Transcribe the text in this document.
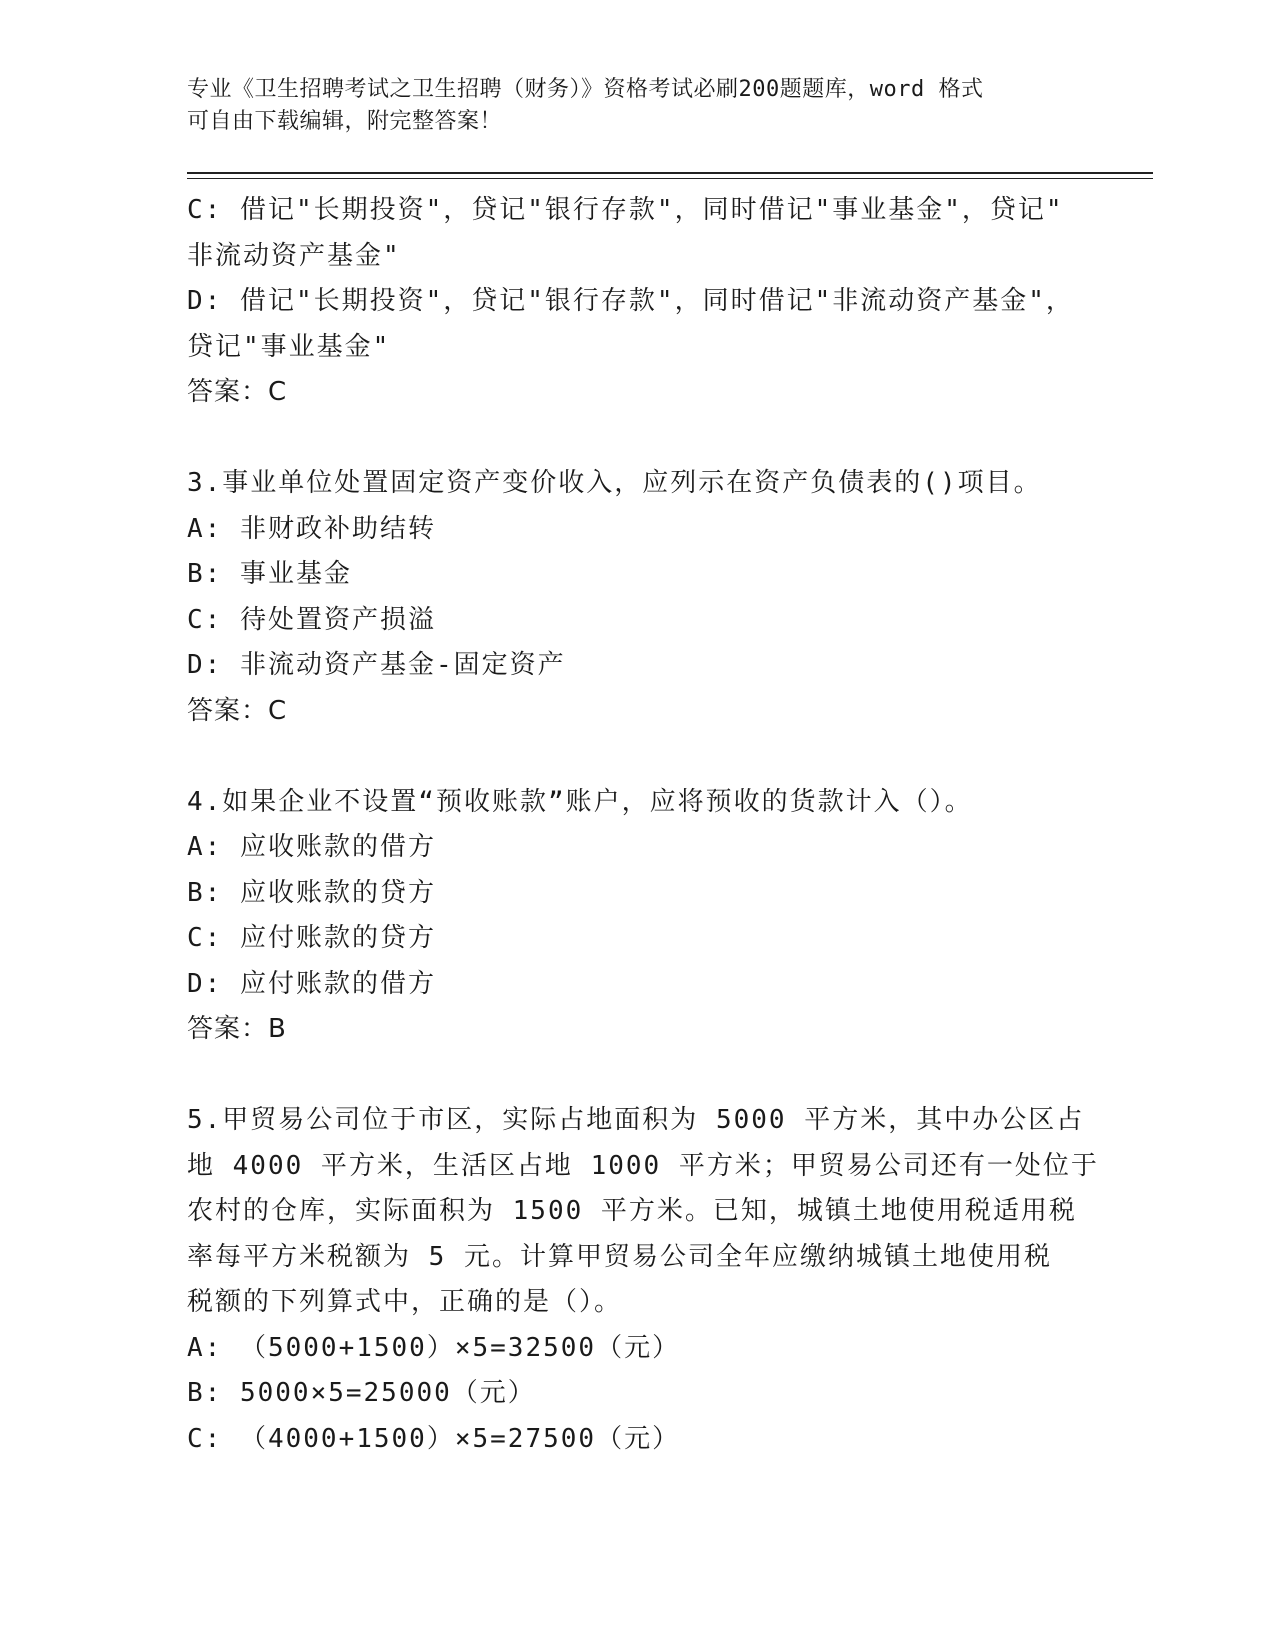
专业《卫生招聘考试之卫生招聘（财务）》资格考试必刷200题题库，word 格式
可自由下载编辑，附完整答案！
C: 借记"长期投资"，贷记"银行存款"，同时借记"事业基金"，贷记"
非流动资产基金"
D: 借记"长期投资"，贷记"银行存款"，同时借记"非流动资产基金"，
贷记"事业基金"
答案：C
3.事业单位处置固定资产变价收入，应列示在资产负债表的()项目。
A: 非财政补助结转
B: 事业基金
C: 待处置资产损溢
D: 非流动资产基金-固定资产
答案：C
4.如果企业不设置“预收账款”账户，应将预收的货款计入（）。
A: 应收账款的借方
B: 应收账款的贷方
C: 应付账款的贷方
D: 应付账款的借方
答案：B
5.甲贸易公司位于市区，实际占地面积为 5000 平方米，其中办公区占
地 4000 平方米，生活区占地 1000 平方米；甲贸易公司还有一处位于
农村的仓库，实际面积为 1500 平方米。已知，城镇土地使用税适用税
率每平方米税额为 5 元。计算甲贸易公司全年应缴纳城镇土地使用税
税额的下列算式中，正确的是（）。
A: （5000+1500）×5=32500（元）
B: 5000×5=25000（元）
C: （4000+1500）×5=27500（元）
